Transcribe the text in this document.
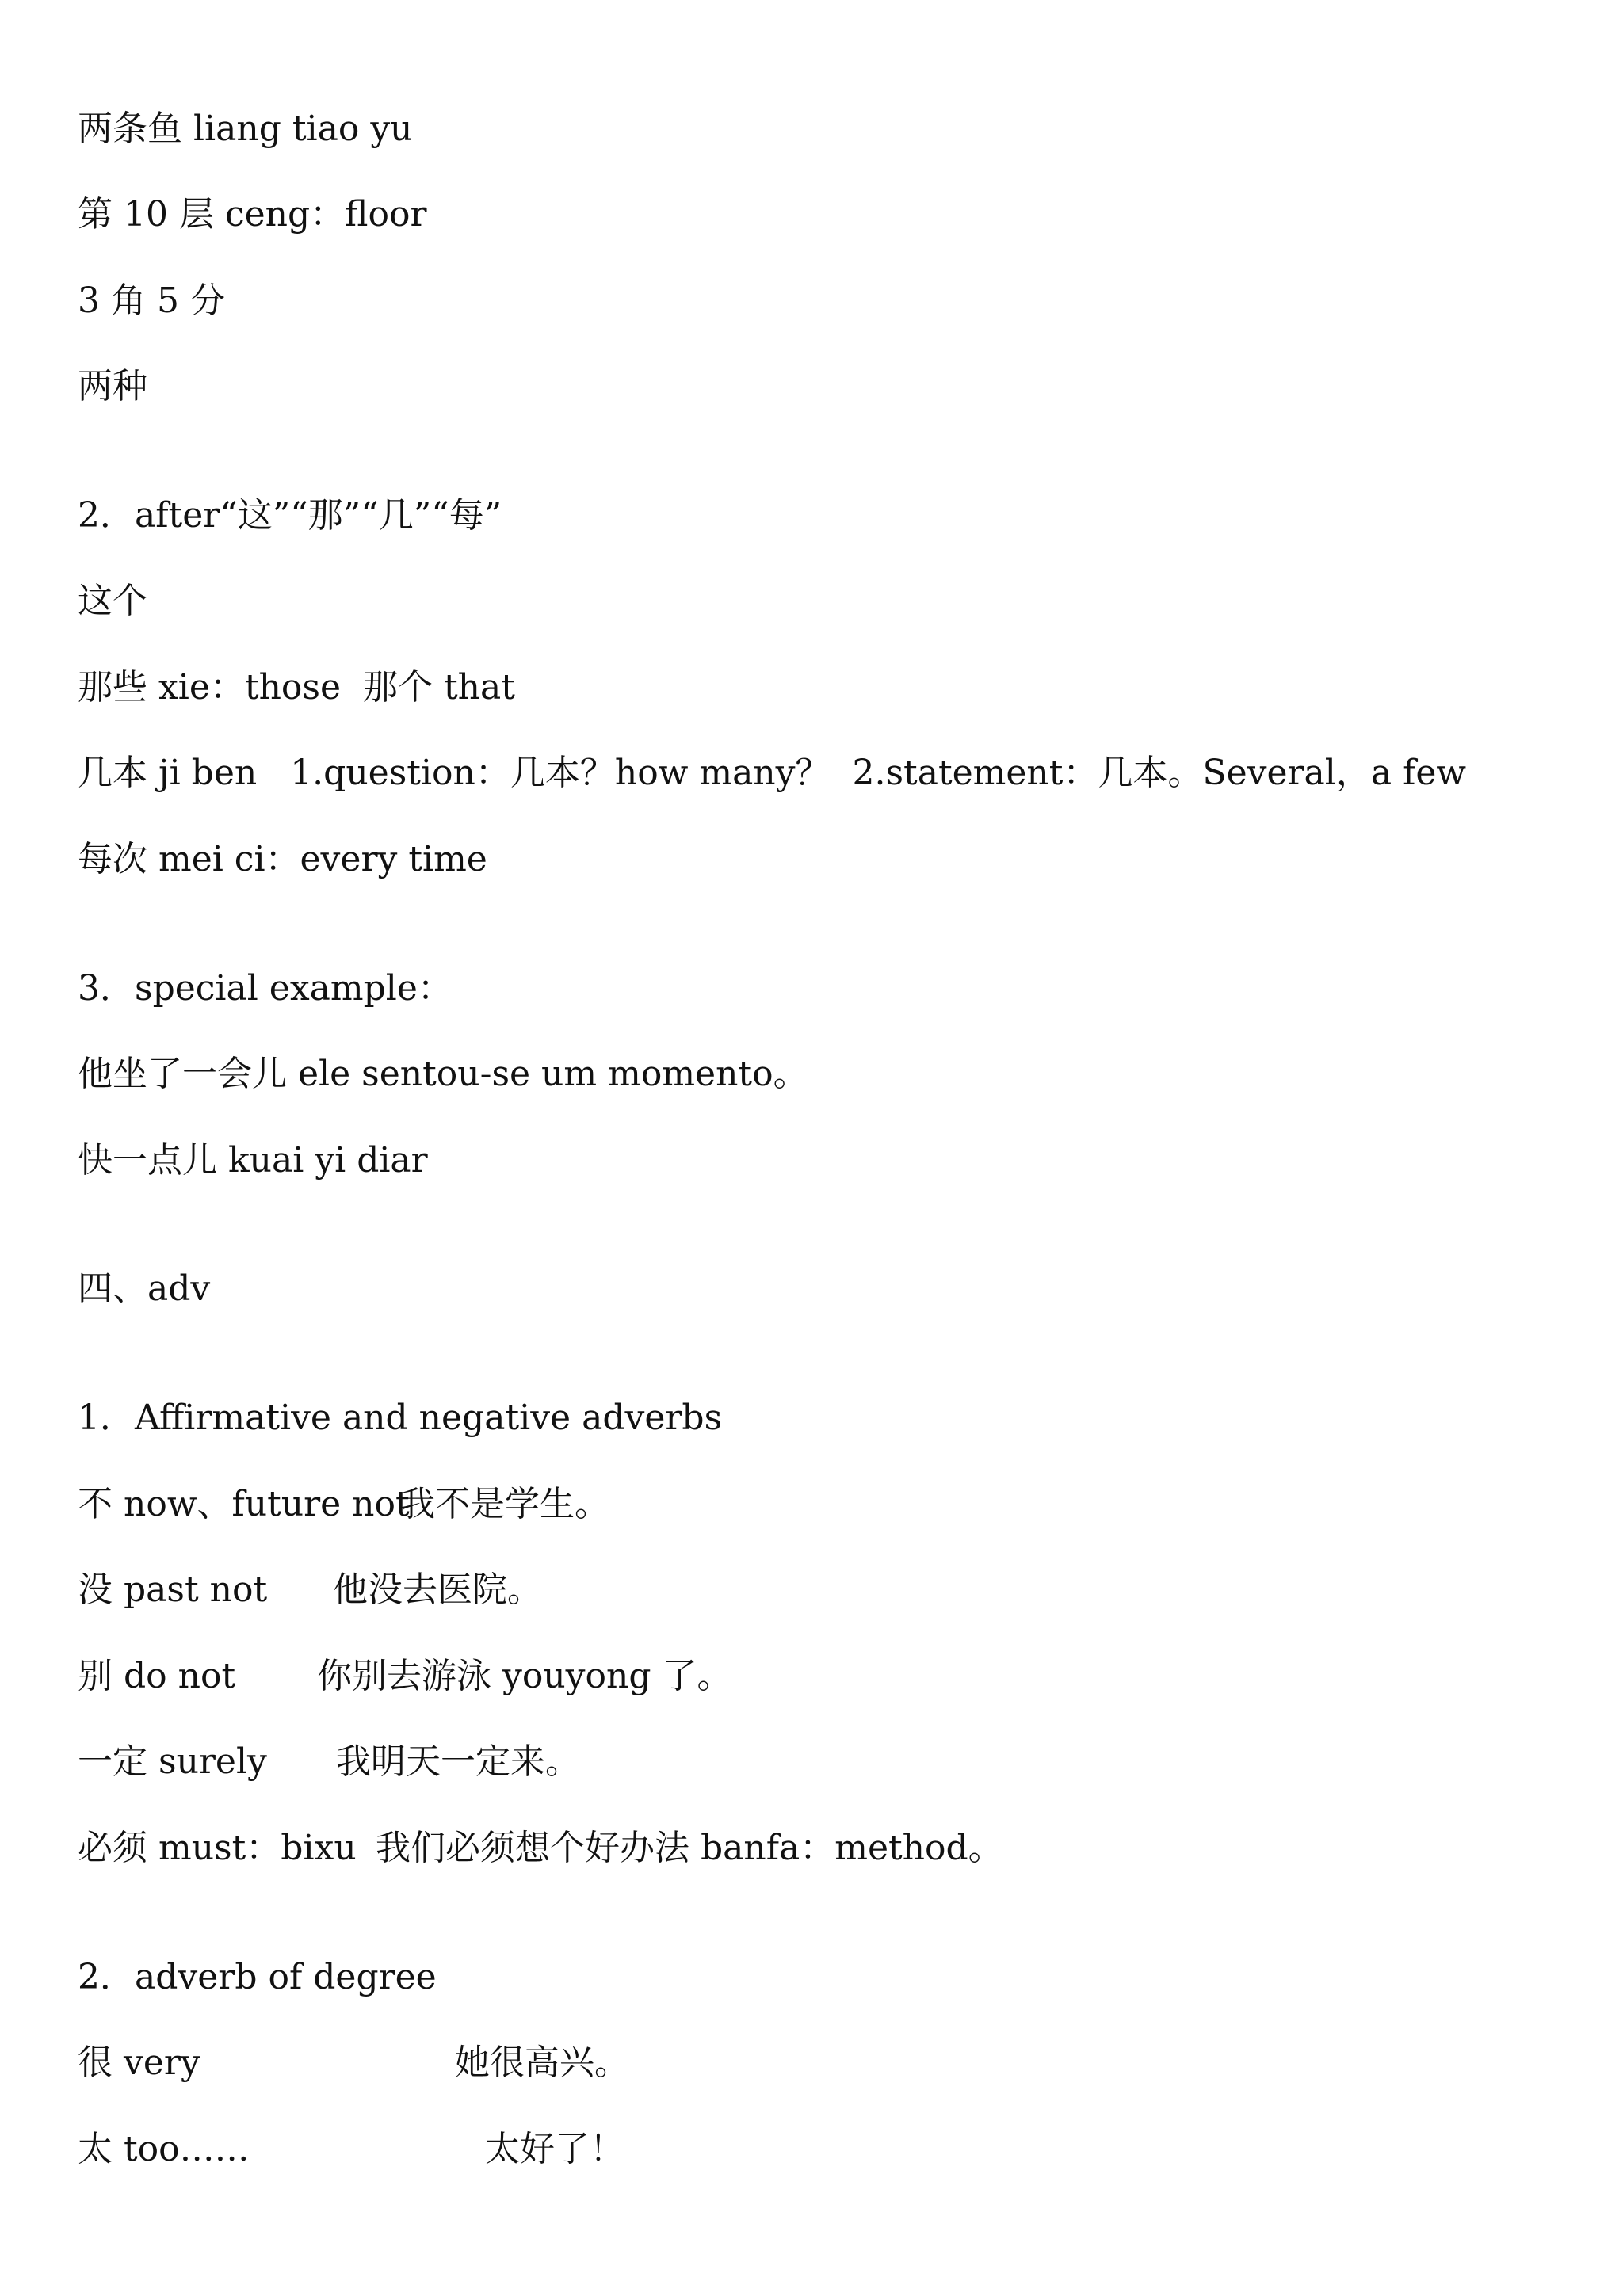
两条鱼 liang tiao yu

第 10 层 ceng：floor

3 角 5 分

两种

2．after“这”“那”“几”“每”

这个

那些 xie：those  那个 that

几本 ji ben   1.question：几本？how many？  2.statement：几本。Several，a few

每次 mei ci：every time

3．special example：

他坐了一会儿 ele sentou-se um momento。

快一点儿 kuai yi diar

四、adv

1．Affirmative and negative adverbs

不 now、future not

我不是学生。

没 past not 他没去医院。

别 do not 你别去游泳 youyong 了。

一定 surely 我明天一定来。

必须 must：bixu 我们必须想个好办法 banfa：method。

2．adverb of degree

很 very	她很高兴。

太 too……	太好了！
